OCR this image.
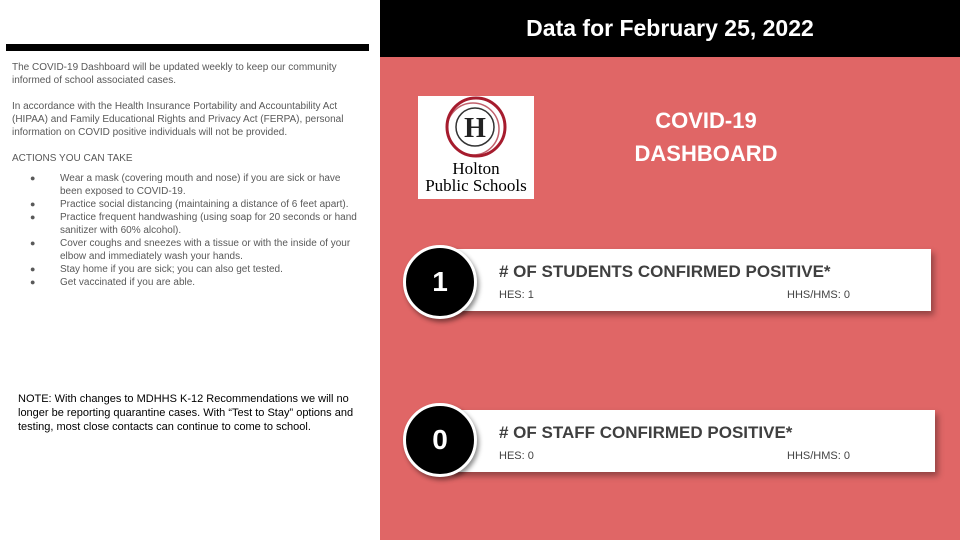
The COVID-19 Dashboard will be updated weekly to keep our community informed of school associated cases.

In accordance with the Health Insurance Portability and Accountability Act (HIPAA) and Family Educational Rights and Privacy Act (FERPA), personal information on COVID positive individuals will not be provided.

ACTIONS YOU CAN TAKE
● Wear a mask (covering mouth and nose) if you are sick or have been exposed to COVID-19.
● Practice social distancing (maintaining a distance of 6 feet apart).
● Practice frequent handwashing (using soap for 20 seconds or hand sanitizer with 60% alcohol).
● Cover coughs and sneezes with a tissue or with the inside of your elbow and immediately wash your hands.
● Stay home if you are sick; you can also get tested.
● Get vaccinated if you are able.
NOTE: With changes to MDHHS K-12 Recommendations we will no longer be reporting quarantine cases. With “Test to Stay” options and testing, most close contacts can continue to come to school.
Data for February 25, 2022
H
Holton
Public Schools
COVID-19
DASHBOARD
# OF STUDENTS CONFIRMED POSITIVE*
HES: 1	HHS/HMS: 0
1
# OF STAFF CONFIRMED POSITIVE*
HES: 0	HHS/HMS: 0
0
